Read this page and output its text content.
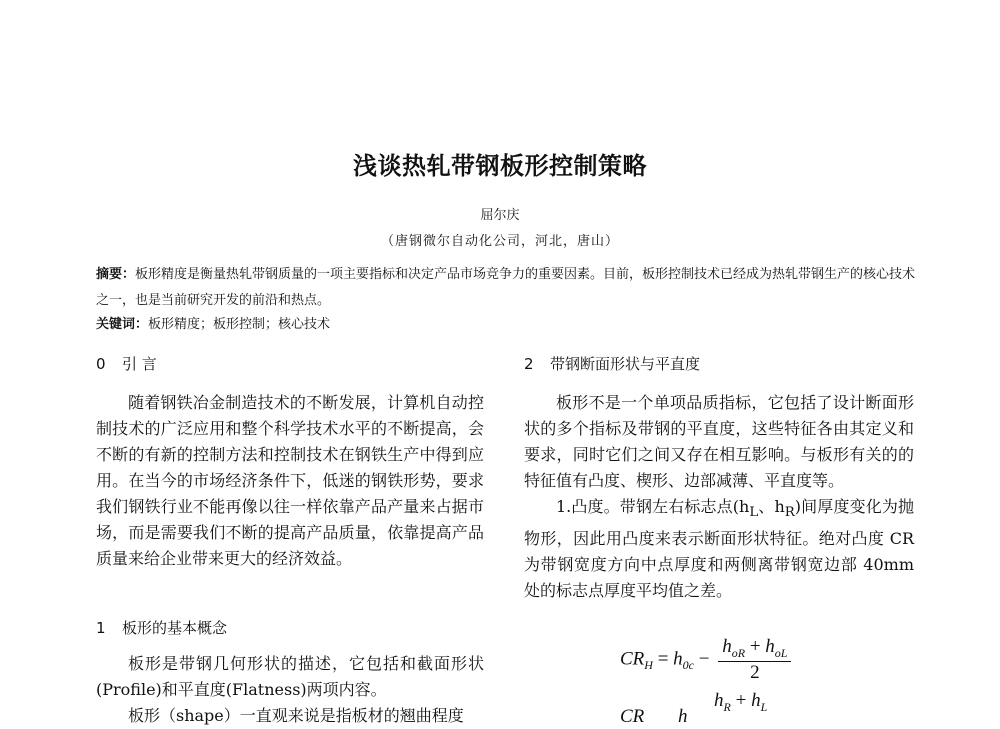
浅谈热轧带钢板形控制策略
屈尔庆
（唐钢微尔自动化公司，河北，唐山）
摘要：板形精度是衡量热轧带钢质量的一项主要指标和决定产品市场竞争力的重要因素。目前，板形控制技术已经成为热轧带钢生产的核心技术之一，也是当前研究开发的前沿和热点。
关键词：板形精度；板形控制；核心技术
0 引 言

随着钢铁冶金制造技术的不断发展，计算机自动控制技术的广泛应用和整个科学技术水平的不断提高，会不断的有新的控制方法和控制技术在钢铁生产中得到应用。在当今的市场经济条件下，低迷的钢铁形势，要求我们钢铁行业不能再像以往一样依靠产品产量来占据市场，而是需要我们不断的提高产品质量，依靠提高产品质量来给企业带来更大的经济效益。

1 板形的基本概念

板形是带钢几何形状的描述，它包括和截面形状(Profile)和平直度(Flatness)两项内容。

板形（shape）一直观来说是指板材的翘曲程度

2 带钢断面形状与平直度

板形不是一个单项品质指标，它包括了设计断面形状的多个指标及带钢的平直度，这些特征各由其定义和要求，同时它们之间又存在相互影响。与板形有关的的特征值有凸度、楔形、边部减薄、平直度等。

1.凸度。带钢左右标志点($h_L$、$h_R$)间厚度变化为抛物形，因此用凸度来表示断面形状特征。绝对凸度 CR 为带钢宽度方向中点厚度和两侧离带钢宽边部 40mm 处的标志点厚度平均值之差。

$CR_H = h_{0c} - \frac{h_{oR} + h_{oL}}{2}$
CR h
$h_R + h_L$
